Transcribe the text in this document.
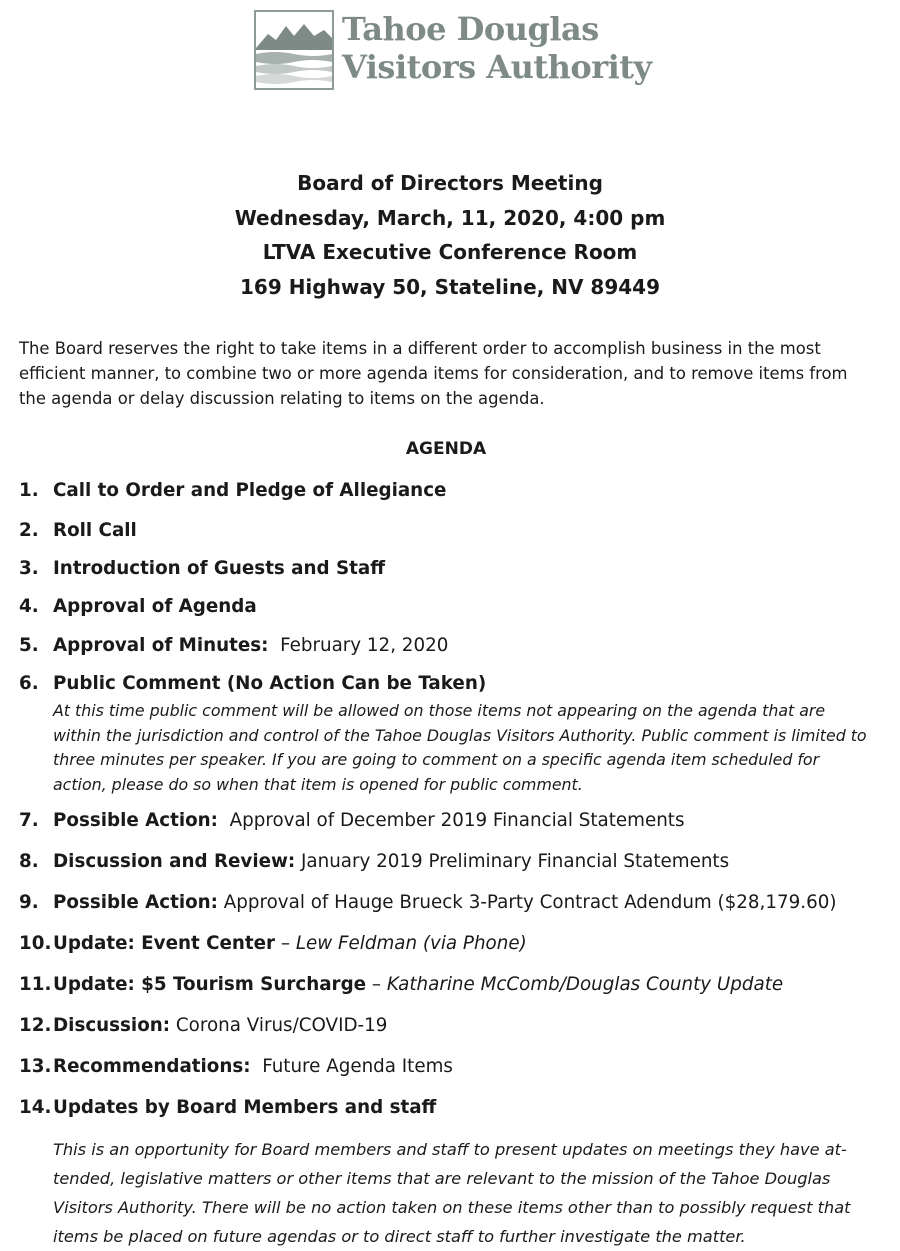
Tahoe Douglas
Visitors Authority
Board of Directors Meeting
Wednesday, March, 11, 2020, 4:00 pm
LTVA Executive Conference Room
169 Highway 50, Stateline, NV 89449
The Board reserves the right to take items in a different order to accomplish business in the most efficient manner, to combine two or more agenda items for consideration, and to remove items from the agenda or delay discussion relating to items on the agenda.
AGENDA
1. Call to Order and Pledge of Allegiance
2. Roll Call
3. Introduction of Guests and Staff
4. Approval of Agenda
5. Approval of Minutes: February 12, 2020
6. Public Comment (No Action Can be Taken)
At this time public comment will be allowed on those items not appearing on the agenda that are within the jurisdiction and control of the Tahoe Douglas Visitors Authority. Public comment is limited to three minutes per speaker. If you are going to comment on a specific agenda item scheduled for action, please do so when that item is opened for public comment.
7. Possible Action: Approval of December 2019 Financial Statements
8. Discussion and Review: January 2019 Preliminary Financial Statements
9. Possible Action: Approval of Hauge Brueck 3-Party Contract Adendum ($28,179.60)
10.Update: Event Center – Lew Feldman (via Phone)
11.Update: $5 Tourism Surcharge – Katharine McComb/Douglas County Update
12.Discussion: Corona Virus/COVID-19
13.Recommendations: Future Agenda Items
14.Updates by Board Members and staff
This is an opportunity for Board members and staff to present updates on meetings they have at-tended, legislative matters or other items that are relevant to the mission of the Tahoe Douglas Visitors Authority. There will be no action taken on these items other than to possibly request that items be placed on future agendas or to direct staff to further investigate the matter.
